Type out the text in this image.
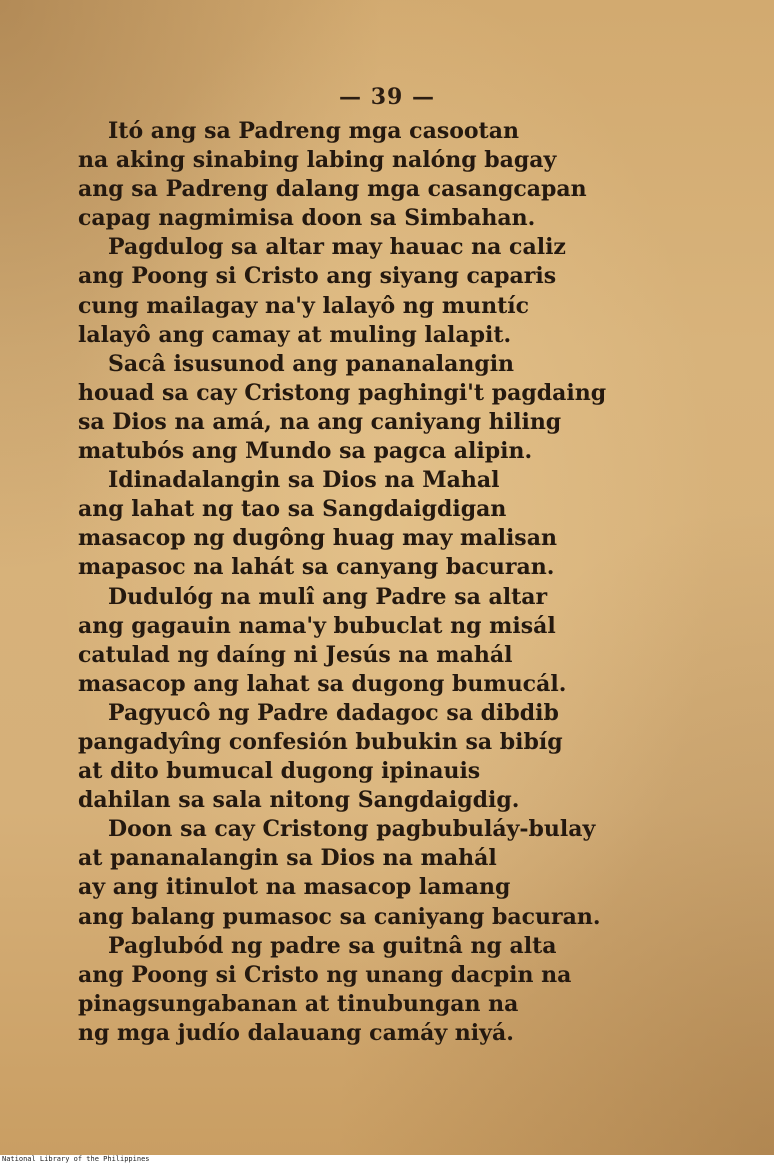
— 39 —
Itó ang sa Padreng mga casootan
na aking sinabing labing nalóng bagay
ang sa Padreng dalang mga casangcapan
capag nagmimisa doon sa Simbahan.
Pagdulog sa altar may hauac na caliz
ang Poong si Cristo ang siyang caparis
cung mailagay na'y lalayô ng muntíc
lalayô ang camay at muling lalapit.
Sacâ isusunod ang pananalangin
houad sa cay Cristong paghingi't pagdaing
sa Dios na amá, na ang caniyang hiling
matubós ang Mundo sa pagca alipin.
Idinadalangin sa Dios na Mahal
ang lahat ng tao sa Sangdaigdigan
masacop ng dugông huag may malisan
mapasoc na lahát sa canyang bacuran.
Dudulóg na mulî ang Padre sa altar
ang gagauin nama'y bubuclat ng misál
catulad ng daíng ni Jesús na mahál
masacop ang lahat sa dugong bumucál.
Pagyucô ng Padre dadagoc sa dibdib
pangadyîng confesión bubukin sa bibíg
at dito bumucal dugong ipinauis
dahilan sa sala nitong Sangdaigdig.
Doon sa cay Cristong pagbubuláy-bulay
at pananalangin sa Dios na mahál
ay ang itinulot na masacop lamang
ang balang pumasoc sa caniyang bacuran.
Paglubód ng padre sa guitnâ ng alta
ang Poong si Cristo ng unang dacpin na
pinagsungabanan at tinubungan na
ng mga judío dalauang camáy niyá.
National Library of the Philippines
